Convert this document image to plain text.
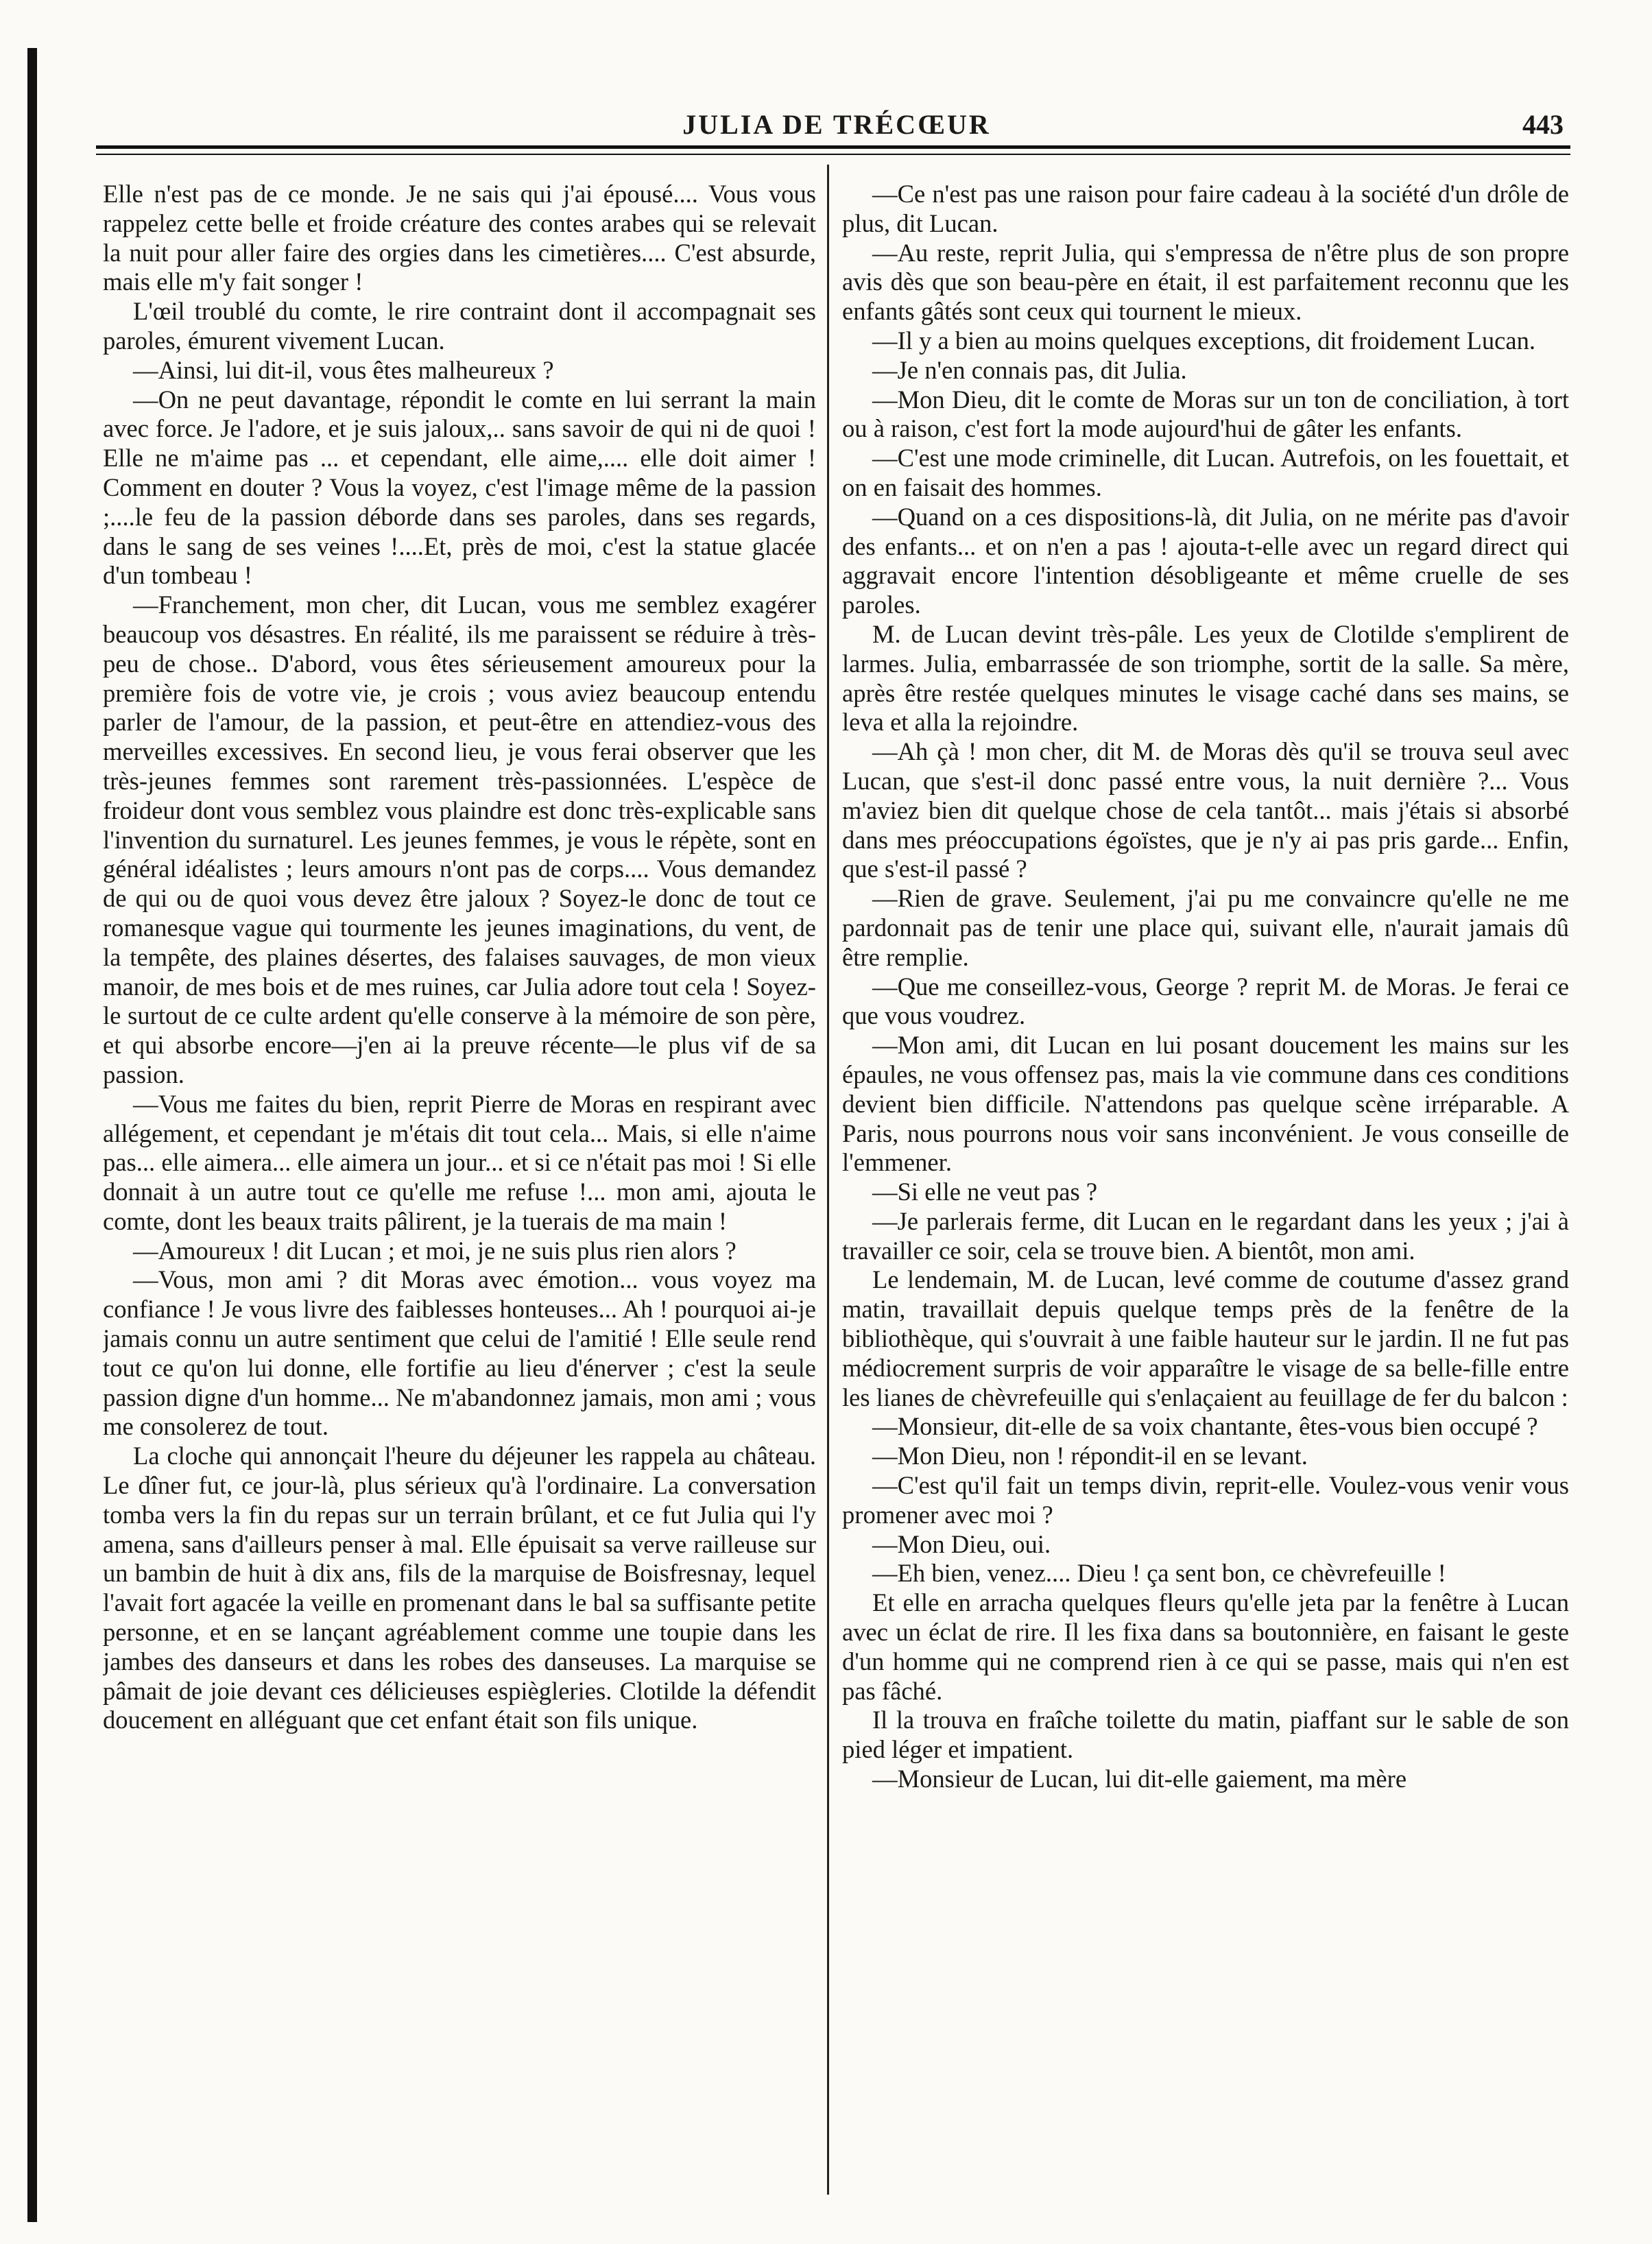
JULIA DE TRÉCŒUR	443

Elle n'est pas de ce monde. Je ne sais qui j'ai épousé.... Vous vous rappelez cette belle et froide créature des contes arabes qui se relevait la nuit pour aller faire des orgies dans les cimetières.... C'est absurde, mais elle m'y fait songer !

L'œil troublé du comte, le rire contraint dont il accompagnait ses paroles, émurent vivement Lucan.

—Ainsi, lui dit-il, vous êtes malheureux ?

—On ne peut davantage, répondit le comte en lui serrant la main avec force. Je l'adore, et je suis jaloux,.. sans savoir de qui ni de quoi ! Elle ne m'aime pas ... et cependant, elle aime,.... elle doit aimer ! Comment en douter ? Vous la voyez, c'est l'image même de la passion ;....le feu de la passion déborde dans ses paroles, dans ses regards, dans le sang de ses veines !....Et, près de moi, c'est la statue glacée d'un tombeau !

—Franchement, mon cher, dit Lucan, vous me semblez exagérer beaucoup vos désastres. En réalité, ils me paraissent se réduire à très-peu de chose.. D'abord, vous êtes sérieusement amoureux pour la première fois de votre vie, je crois ; vous aviez beaucoup entendu parler de l'amour, de la passion, et peut-être en attendiez-vous des merveilles excessives. En second lieu, je vous ferai observer que les très-jeunes femmes sont rarement très-passionnées. L'espèce de froideur dont vous semblez vous plaindre est donc très-explicable sans l'invention du surnaturel. Les jeunes femmes, je vous le répète, sont en général idéalistes ; leurs amours n'ont pas de corps.... Vous demandez de qui ou de quoi vous devez être jaloux ? Soyez-le donc de tout ce romanesque vague qui tourmente les jeunes imaginations, du vent, de la tempête, des plaines désertes, des falaises sauvages, de mon vieux manoir, de mes bois et de mes ruines, car Julia adore tout cela ! Soyez-le surtout de ce culte ardent qu'elle conserve à la mémoire de son père, et qui absorbe encore—j'en ai la preuve récente—le plus vif de sa passion.

—Vous me faites du bien, reprit Pierre de Moras en respirant avec allégement, et cependant je m'étais dit tout cela... Mais, si elle n'aime pas... elle aimera... elle aimera un jour... et si ce n'était pas moi ! Si elle donnait à un autre tout ce qu'elle me refuse !... mon ami, ajouta le comte, dont les beaux traits pâlirent, je la tuerais de ma main !

—Amoureux ! dit Lucan ; et moi, je ne suis plus rien alors ?

—Vous, mon ami ? dit Moras avec émotion... vous voyez ma confiance ! Je vous livre des faiblesses honteuses... Ah ! pourquoi ai-je jamais connu un autre sentiment que celui de l'amitié ! Elle seule rend tout ce qu'on lui donne, elle fortifie au lieu d'énerver ; c'est la seule passion digne d'un homme... Ne m'abandonnez jamais, mon ami ; vous me consolerez de tout.

La cloche qui annonçait l'heure du déjeuner les rappela au château. Le dîner fut, ce jour-là, plus sérieux qu'à l'ordinaire. La conversation tomba vers la fin du repas sur un terrain brûlant, et ce fut Julia qui l'y amena, sans d'ailleurs penser à mal. Elle épuisait sa verve railleuse sur un bambin de huit à dix ans, fils de la marquise de Boisfresnay, lequel l'avait fort agacée la veille en promenant dans le bal sa suffisante petite personne, et en se lançant agréablement comme une toupie dans les jambes des danseurs et dans les robes des danseuses. La marquise se pâmait de joie devant ces délicieuses espiègleries. Clotilde la défendit doucement en alléguant que cet enfant était son fils unique.

—Ce n'est pas une raison pour faire cadeau à la société d'un drôle de plus, dit Lucan.

—Au reste, reprit Julia, qui s'empressa de n'être plus de son propre avis dès que son beau-père en était, il est parfaitement reconnu que les enfants gâtés sont ceux qui tournent le mieux.

—Il y a bien au moins quelques exceptions, dit froidement Lucan.

—Je n'en connais pas, dit Julia.

—Mon Dieu, dit le comte de Moras sur un ton de conciliation, à tort ou à raison, c'est fort la mode aujourd'hui de gâter les enfants.

—C'est une mode criminelle, dit Lucan. Autrefois, on les fouettait, et on en faisait des hommes.

—Quand on a ces dispositions-là, dit Julia, on ne mérite pas d'avoir des enfants... et on n'en a pas ! ajouta-t-elle avec un regard direct qui aggravait encore l'intention désobligeante et même cruelle de ses paroles.

M. de Lucan devint très-pâle. Les yeux de Clotilde s'emplirent de larmes. Julia, embarrassée de son triomphe, sortit de la salle. Sa mère, après être restée quelques minutes le visage caché dans ses mains, se leva et alla la rejoindre.

—Ah çà ! mon cher, dit M. de Moras dès qu'il se trouva seul avec Lucan, que s'est-il donc passé entre vous, la nuit dernière ?... Vous m'aviez bien dit quelque chose de cela tantôt... mais j'étais si absorbé dans mes préoccupations égoïstes, que je n'y ai pas pris garde... Enfin, que s'est-il passé ?

—Rien de grave. Seulement, j'ai pu me convaincre qu'elle ne me pardonnait pas de tenir une place qui, suivant elle, n'aurait jamais dû être remplie.

—Que me conseillez-vous, George ? reprit M. de Moras. Je ferai ce que vous voudrez.

—Mon ami, dit Lucan en lui posant doucement les mains sur les épaules, ne vous offensez pas, mais la vie commune dans ces conditions devient bien difficile. N'attendons pas quelque scène irréparable. A Paris, nous pourrons nous voir sans inconvénient. Je vous conseille de l'emmener.

—Si elle ne veut pas ?

—Je parlerais ferme, dit Lucan en le regardant dans les yeux ; j'ai à travailler ce soir, cela se trouve bien. A bientôt, mon ami.

Le lendemain, M. de Lucan, levé comme de coutume d'assez grand matin, travaillait depuis quelque temps près de la fenêtre de la bibliothèque, qui s'ouvrait à une faible hauteur sur le jardin. Il ne fut pas médiocrement surpris de voir apparaître le visage de sa belle-fille entre les lianes de chèvrefeuille qui s'enlaçaient au feuillage de fer du balcon :

—Monsieur, dit-elle de sa voix chantante, êtes-vous bien occupé ?

—Mon Dieu, non ! répondit-il en se levant.

—C'est qu'il fait un temps divin, reprit-elle. Voulez-vous venir vous promener avec moi ?

—Mon Dieu, oui.

—Eh bien, venez.... Dieu ! ça sent bon, ce chèvrefeuille !

Et elle en arracha quelques fleurs qu'elle jeta par la fenêtre à Lucan avec un éclat de rire. Il les fixa dans sa boutonnière, en faisant le geste d'un homme qui ne comprend rien à ce qui se passe, mais qui n'en est pas fâché.

Il la trouva en fraîche toilette du matin, piaffant sur le sable de son pied léger et impatient.

—Monsieur de Lucan, lui dit-elle gaiement, ma mère
